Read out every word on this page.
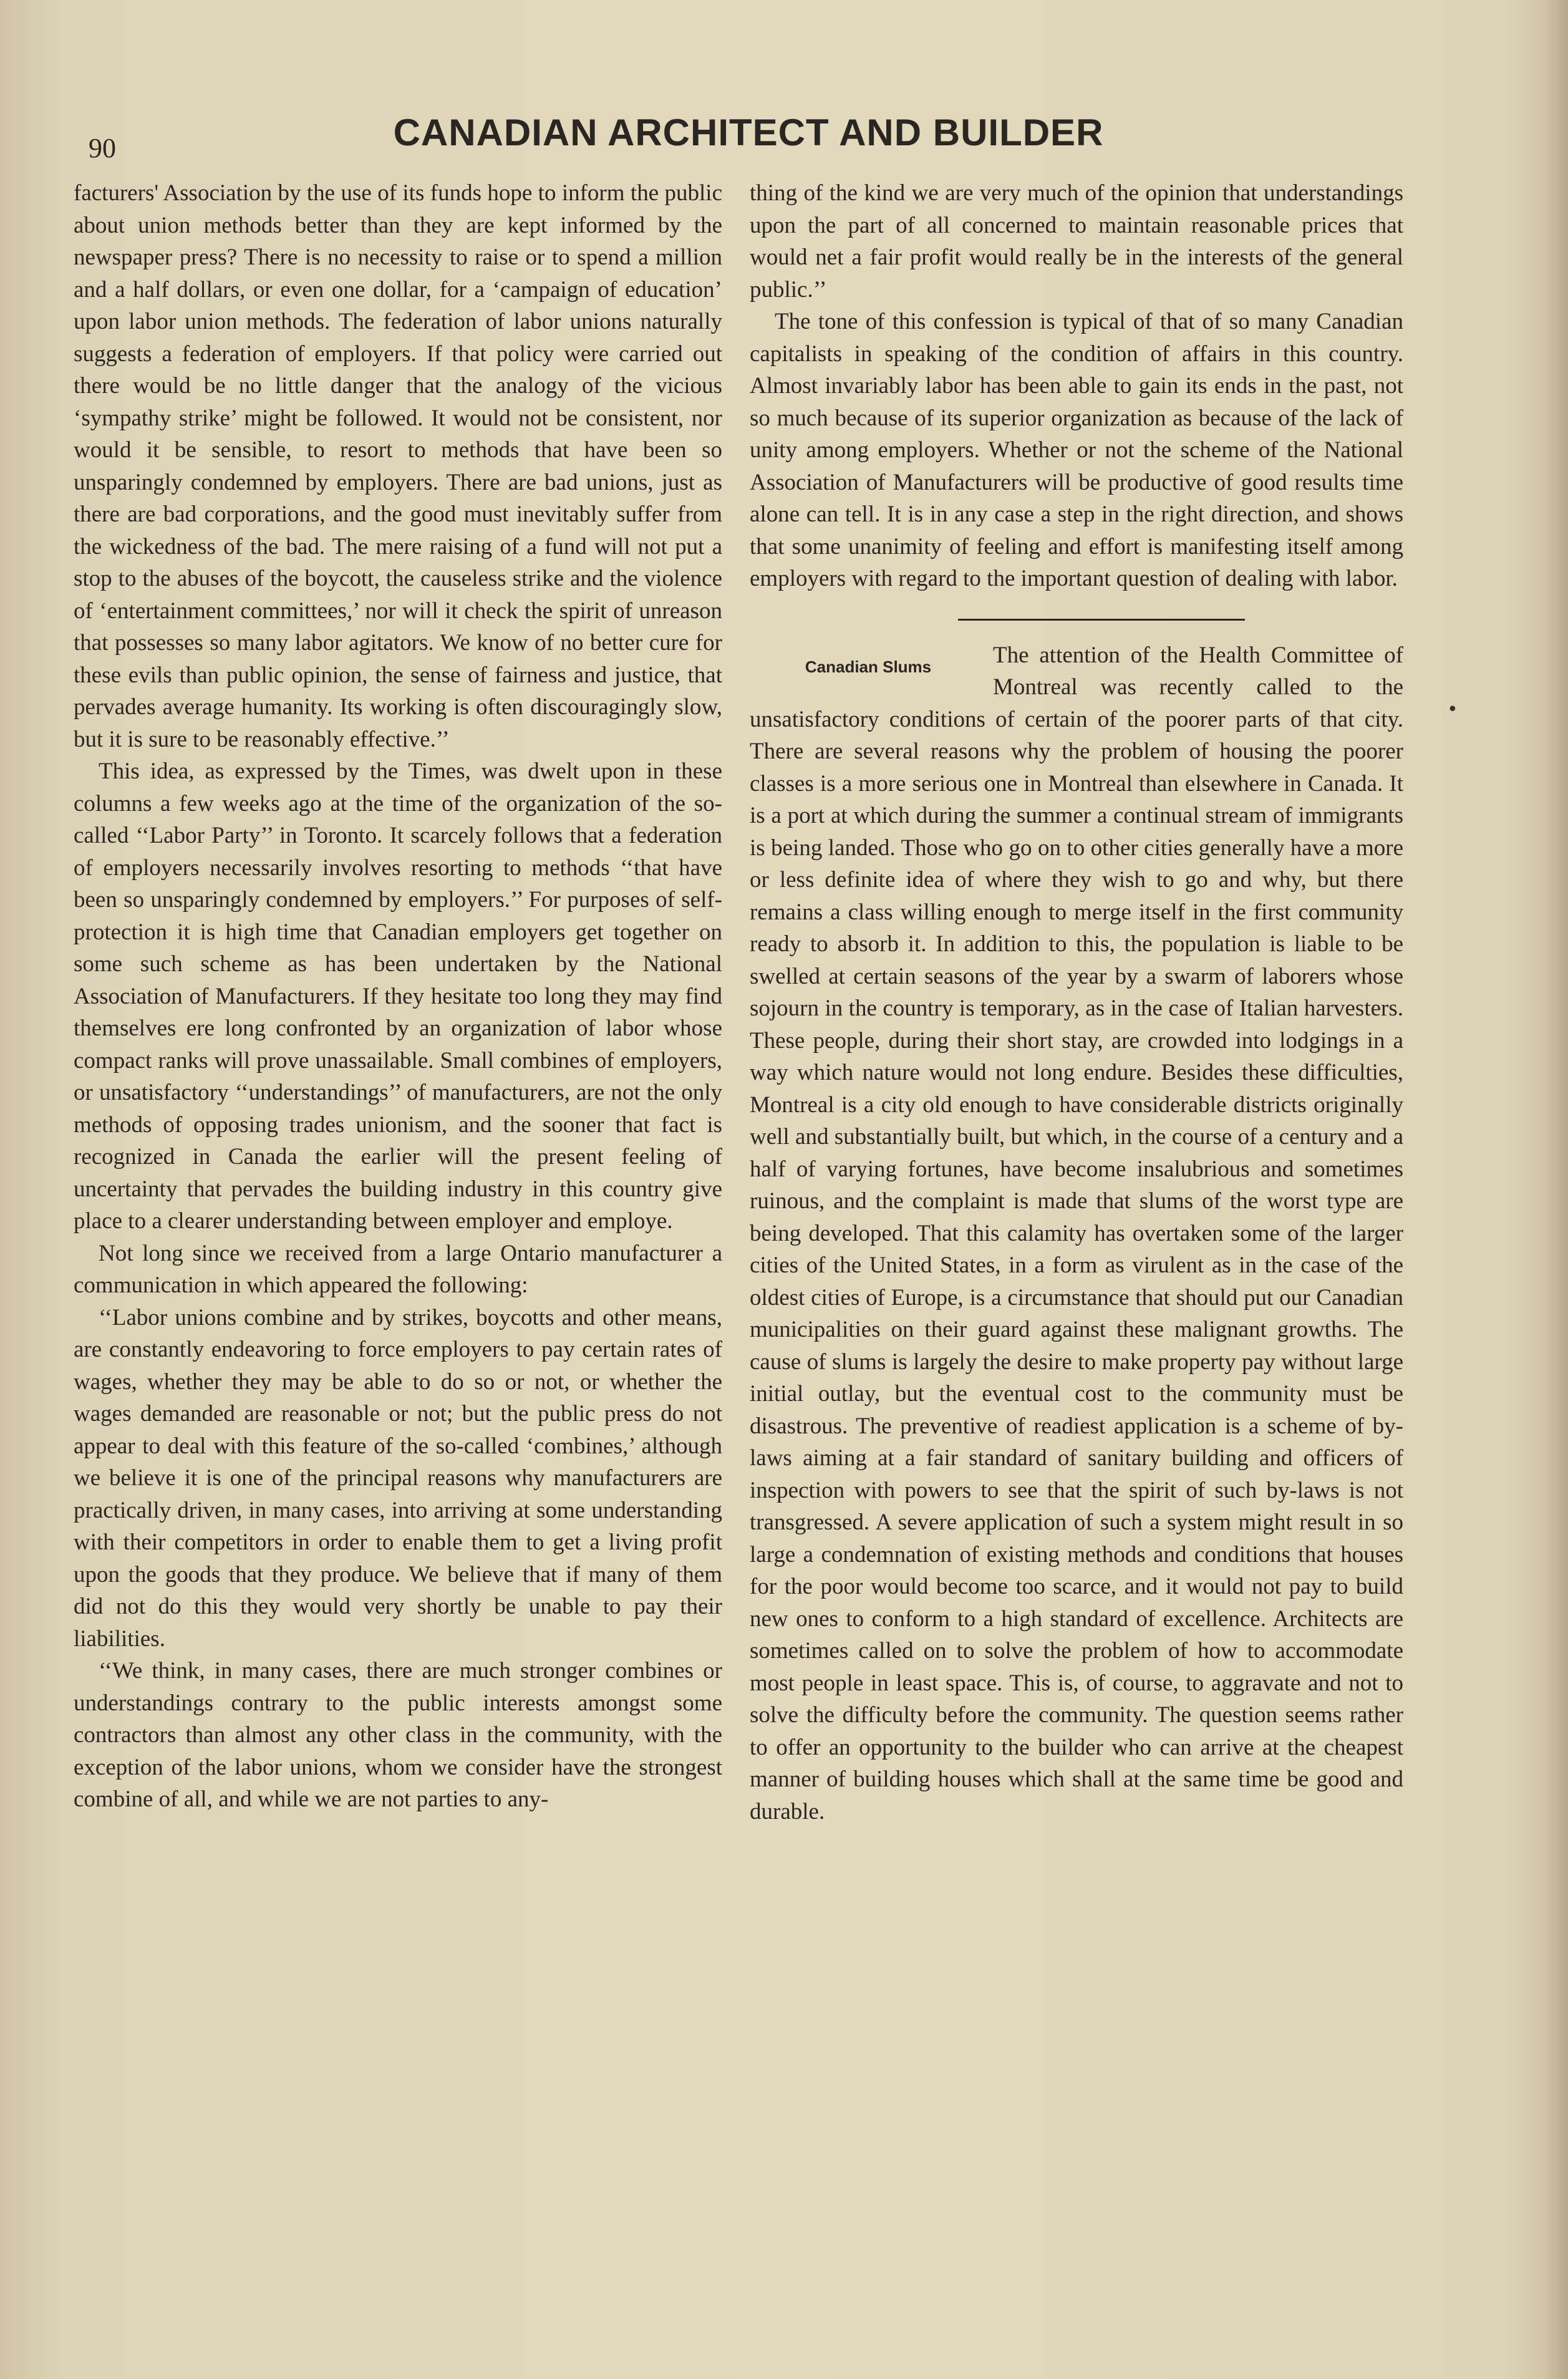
90	CANADIAN ARCHITECT AND BUILDER

facturers' Association by the use of its funds hope to inform the public about union methods better than they are kept informed by the newspaper press? There is no necessity to raise or to spend a million and a half dollars, or even one dollar, for a ‘campaign of education’ upon labor union methods. The federation of labor unions naturally suggests a federation of employers. If that policy were carried out there would be no little danger that the analogy of the vicious ‘sympathy strike’ might be followed. It would not be consistent, nor would it be sensible, to resort to methods that have been so unsparingly condemned by employers. There are bad unions, just as there are bad corporations, and the good must inevitably suffer from the wickedness of the bad. The mere raising of a fund will not put a stop to the abuses of the boycott, the causeless strike and the violence of ‘entertainment committees,’ nor will it check the spirit of unreason that possesses so many labor agitators. We know of no better cure for these evils than public opinion, the sense of fairness and justice, that pervades average humanity. Its working is often discouragingly slow, but it is sure to be reasonably effective.’’

This idea, as expressed by the Times, was dwelt upon in these columns a few weeks ago at the time of the organization of the so-called ‘‘Labor Party’’ in Toronto. It scarcely follows that a federation of employers necessarily involves resorting to methods ‘‘that have been so unsparingly condemned by employers.’’ For purposes of self-protection it is high time that Canadian employers get together on some such scheme as has been undertaken by the National Association of Manufacturers. If they hesitate too long they may find themselves ere long confronted by an organization of labor whose compact ranks will prove unassailable. Small combines of employers, or unsatisfactory ‘‘understandings’’ of manufacturers, are not the only methods of opposing trades unionism, and the sooner that fact is recognized in Canada the earlier will the present feeling of uncertainty that pervades the building industry in this country give place to a clearer understanding between employer and employe.

Not long since we received from a large Ontario manufacturer a communication in which appeared the following:

‘‘Labor unions combine and by strikes, boycotts and other means, are constantly endeavoring to force employers to pay certain rates of wages, whether they may be able to do so or not, or whether the wages demanded are reasonable or not; but the public press do not appear to deal with this feature of the so-called ‘combines,’ although we believe it is one of the principal reasons why manufacturers are practically driven, in many cases, into arriving at some understanding with their competitors in order to enable them to get a living profit upon the goods that they produce. We believe that if many of them did not do this they would very shortly be unable to pay their liabilities.

‘‘We think, in many cases, there are much stronger combines or understandings contrary to the public interests amongst some contractors than almost any other class in the community, with the exception of the labor unions, whom we consider have the strongest combine of all, and while we are not parties to any-

thing of the kind we are very much of the opinion that understandings upon the part of all concerned to maintain reasonable prices that would net a fair profit would really be in the interests of the general public.’’

The tone of this confession is typical of that of so many Canadian capitalists in speaking of the condition of affairs in this country. Almost invariably labor has been able to gain its ends in the past, not so much because of its superior organization as because of the lack of unity among employers. Whether or not the scheme of the National Association of Manufacturers will be productive of good results time alone can tell. It is in any case a step in the right direction, and shows that some unanimity of feeling and effort is manifesting itself among employers with regard to the important question of dealing with labor.

Canadian Slums	The attention of the Health Committee of Montreal was recently called to the unsatisfactory conditions of certain of the poorer parts of that city. There are several reasons why the problem of housing the poorer classes is a more serious one in Montreal than elsewhere in Canada. It is a port at which during the summer a continual stream of immigrants is being landed. Those who go on to other cities generally have a more or less definite idea of where they wish to go and why, but there remains a class willing enough to merge itself in the first community ready to absorb it. In addition to this, the population is liable to be swelled at certain seasons of the year by a swarm of laborers whose sojourn in the country is temporary, as in the case of Italian harvesters. These people, during their short stay, are crowded into lodgings in a way which nature would not long endure. Besides these difficulties, Montreal is a city old enough to have considerable districts originally well and substantially built, but which, in the course of a century and a half of varying fortunes, have become insalubrious and sometimes ruinous, and the complaint is made that slums of the worst type are being developed. That this calamity has overtaken some of the larger cities of the United States, in a form as virulent as in the case of the oldest cities of Europe, is a circumstance that should put our Canadian municipalities on their guard against these malignant growths. The cause of slums is largely the desire to make property pay without large initial outlay, but the eventual cost to the community must be disastrous. The preventive of readiest application is a scheme of by-laws aiming at a fair standard of sanitary building and officers of inspection with powers to see that the spirit of such by-laws is not transgressed. A severe application of such a system might result in so large a condemnation of existing methods and conditions that houses for the poor would become too scarce, and it would not pay to build new ones to conform to a high standard of excellence. Architects are sometimes called on to solve the problem of how to accommodate most people in least space. This is, of course, to aggravate and not to solve the difficulty before the community. The question seems rather to offer an opportunity to the builder who can arrive at the cheapest manner of building houses which shall at the same time be good and durable.

•
